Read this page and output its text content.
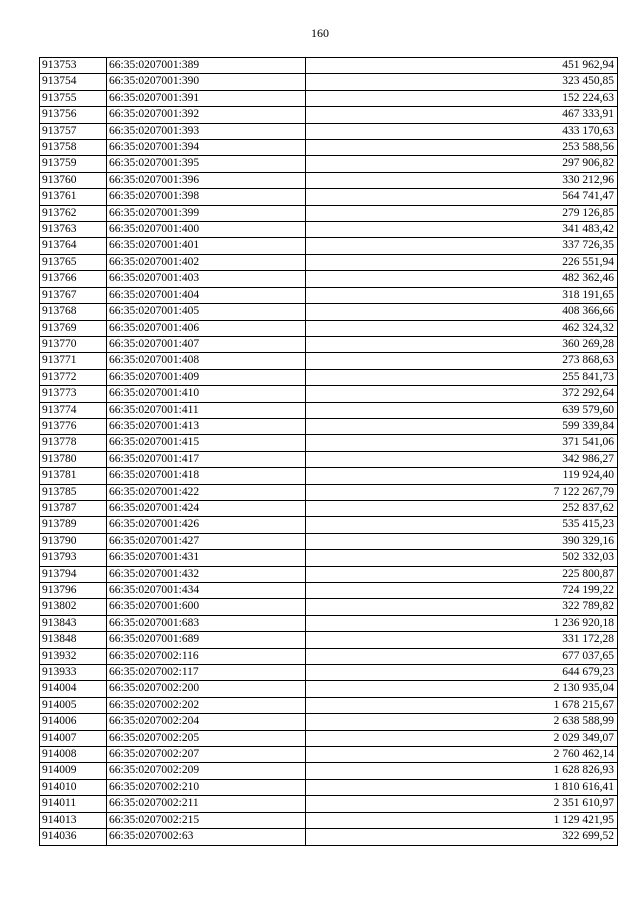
160
913753	66:35:0207001:389	451 962,94
913754	66:35:0207001:390	323 450,85
913755	66:35:0207001:391	152 224,63
913756	66:35:0207001:392	467 333,91
913757	66:35:0207001:393	433 170,63
913758	66:35:0207001:394	253 588,56
913759	66:35:0207001:395	297 906,82
913760	66:35:0207001:396	330 212,96
913761	66:35:0207001:398	564 741,47
913762	66:35:0207001:399	279 126,85
913763	66:35:0207001:400	341 483,42
913764	66:35:0207001:401	337 726,35
913765	66:35:0207001:402	226 551,94
913766	66:35:0207001:403	482 362,46
913767	66:35:0207001:404	318 191,65
913768	66:35:0207001:405	408 366,66
913769	66:35:0207001:406	462 324,32
913770	66:35:0207001:407	360 269,28
913771	66:35:0207001:408	273 868,63
913772	66:35:0207001:409	255 841,73
913773	66:35:0207001:410	372 292,64
913774	66:35:0207001:411	639 579,60
913776	66:35:0207001:413	599 339,84
913778	66:35:0207001:415	371 541,06
913780	66:35:0207001:417	342 986,27
913781	66:35:0207001:418	119 924,40
913785	66:35:0207001:422	7 122 267,79
913787	66:35:0207001:424	252 837,62
913789	66:35:0207001:426	535 415,23
913790	66:35:0207001:427	390 329,16
913793	66:35:0207001:431	502 332,03
913794	66:35:0207001:432	225 800,87
913796	66:35:0207001:434	724 199,22
913802	66:35:0207001:600	322 789,82
913843	66:35:0207001:683	1 236 920,18
913848	66:35:0207001:689	331 172,28
913932	66:35:0207002:116	677 037,65
913933	66:35:0207002:117	644 679,23
914004	66:35:0207002:200	2 130 935,04
914005	66:35:0207002:202	1 678 215,67
914006	66:35:0207002:204	2 638 588,99
914007	66:35:0207002:205	2 029 349,07
914008	66:35:0207002:207	2 760 462,14
914009	66:35:0207002:209	1 628 826,93
914010	66:35:0207002:210	1 810 616,41
914011	66:35:0207002:211	2 351 610,97
914013	66:35:0207002:215	1 129 421,95
914036	66:35:0207002:63	322 699,52
